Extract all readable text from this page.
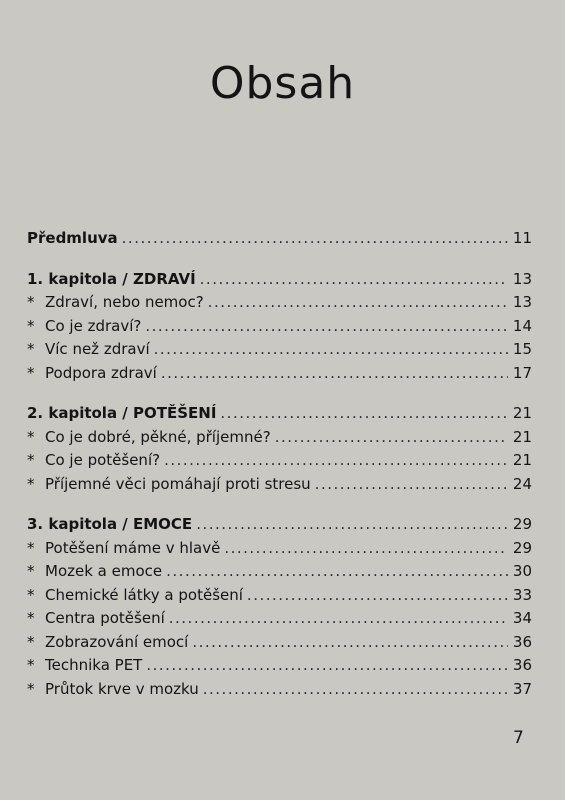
Obsah
Předmluva .....	11
1. kapitola / ZDRAVÍ .....	13
* Zdraví, nebo nemoc? .....	13
* Co je zdraví? .....	14
* Víc než zdraví .....	15
* Podpora zdraví .....	17
2. kapitola / POTĚŠENÍ .....	21
* Co je dobré, pěkné, příjemné? .....	21
* Co je potěšení? .....	21
* Příjemné věci pomáhají proti stresu .....	24
3. kapitola / EMOCE .....	29
* Potěšení máme v hlavě .....	29
* Mozek a emoce .....	30
* Chemické látky a potěšení .....	33
* Centra potěšení .....	34
* Zobrazování emocí .....	36
* Technika PET .....	36
* Průtok krve v mozku .....	37
7
